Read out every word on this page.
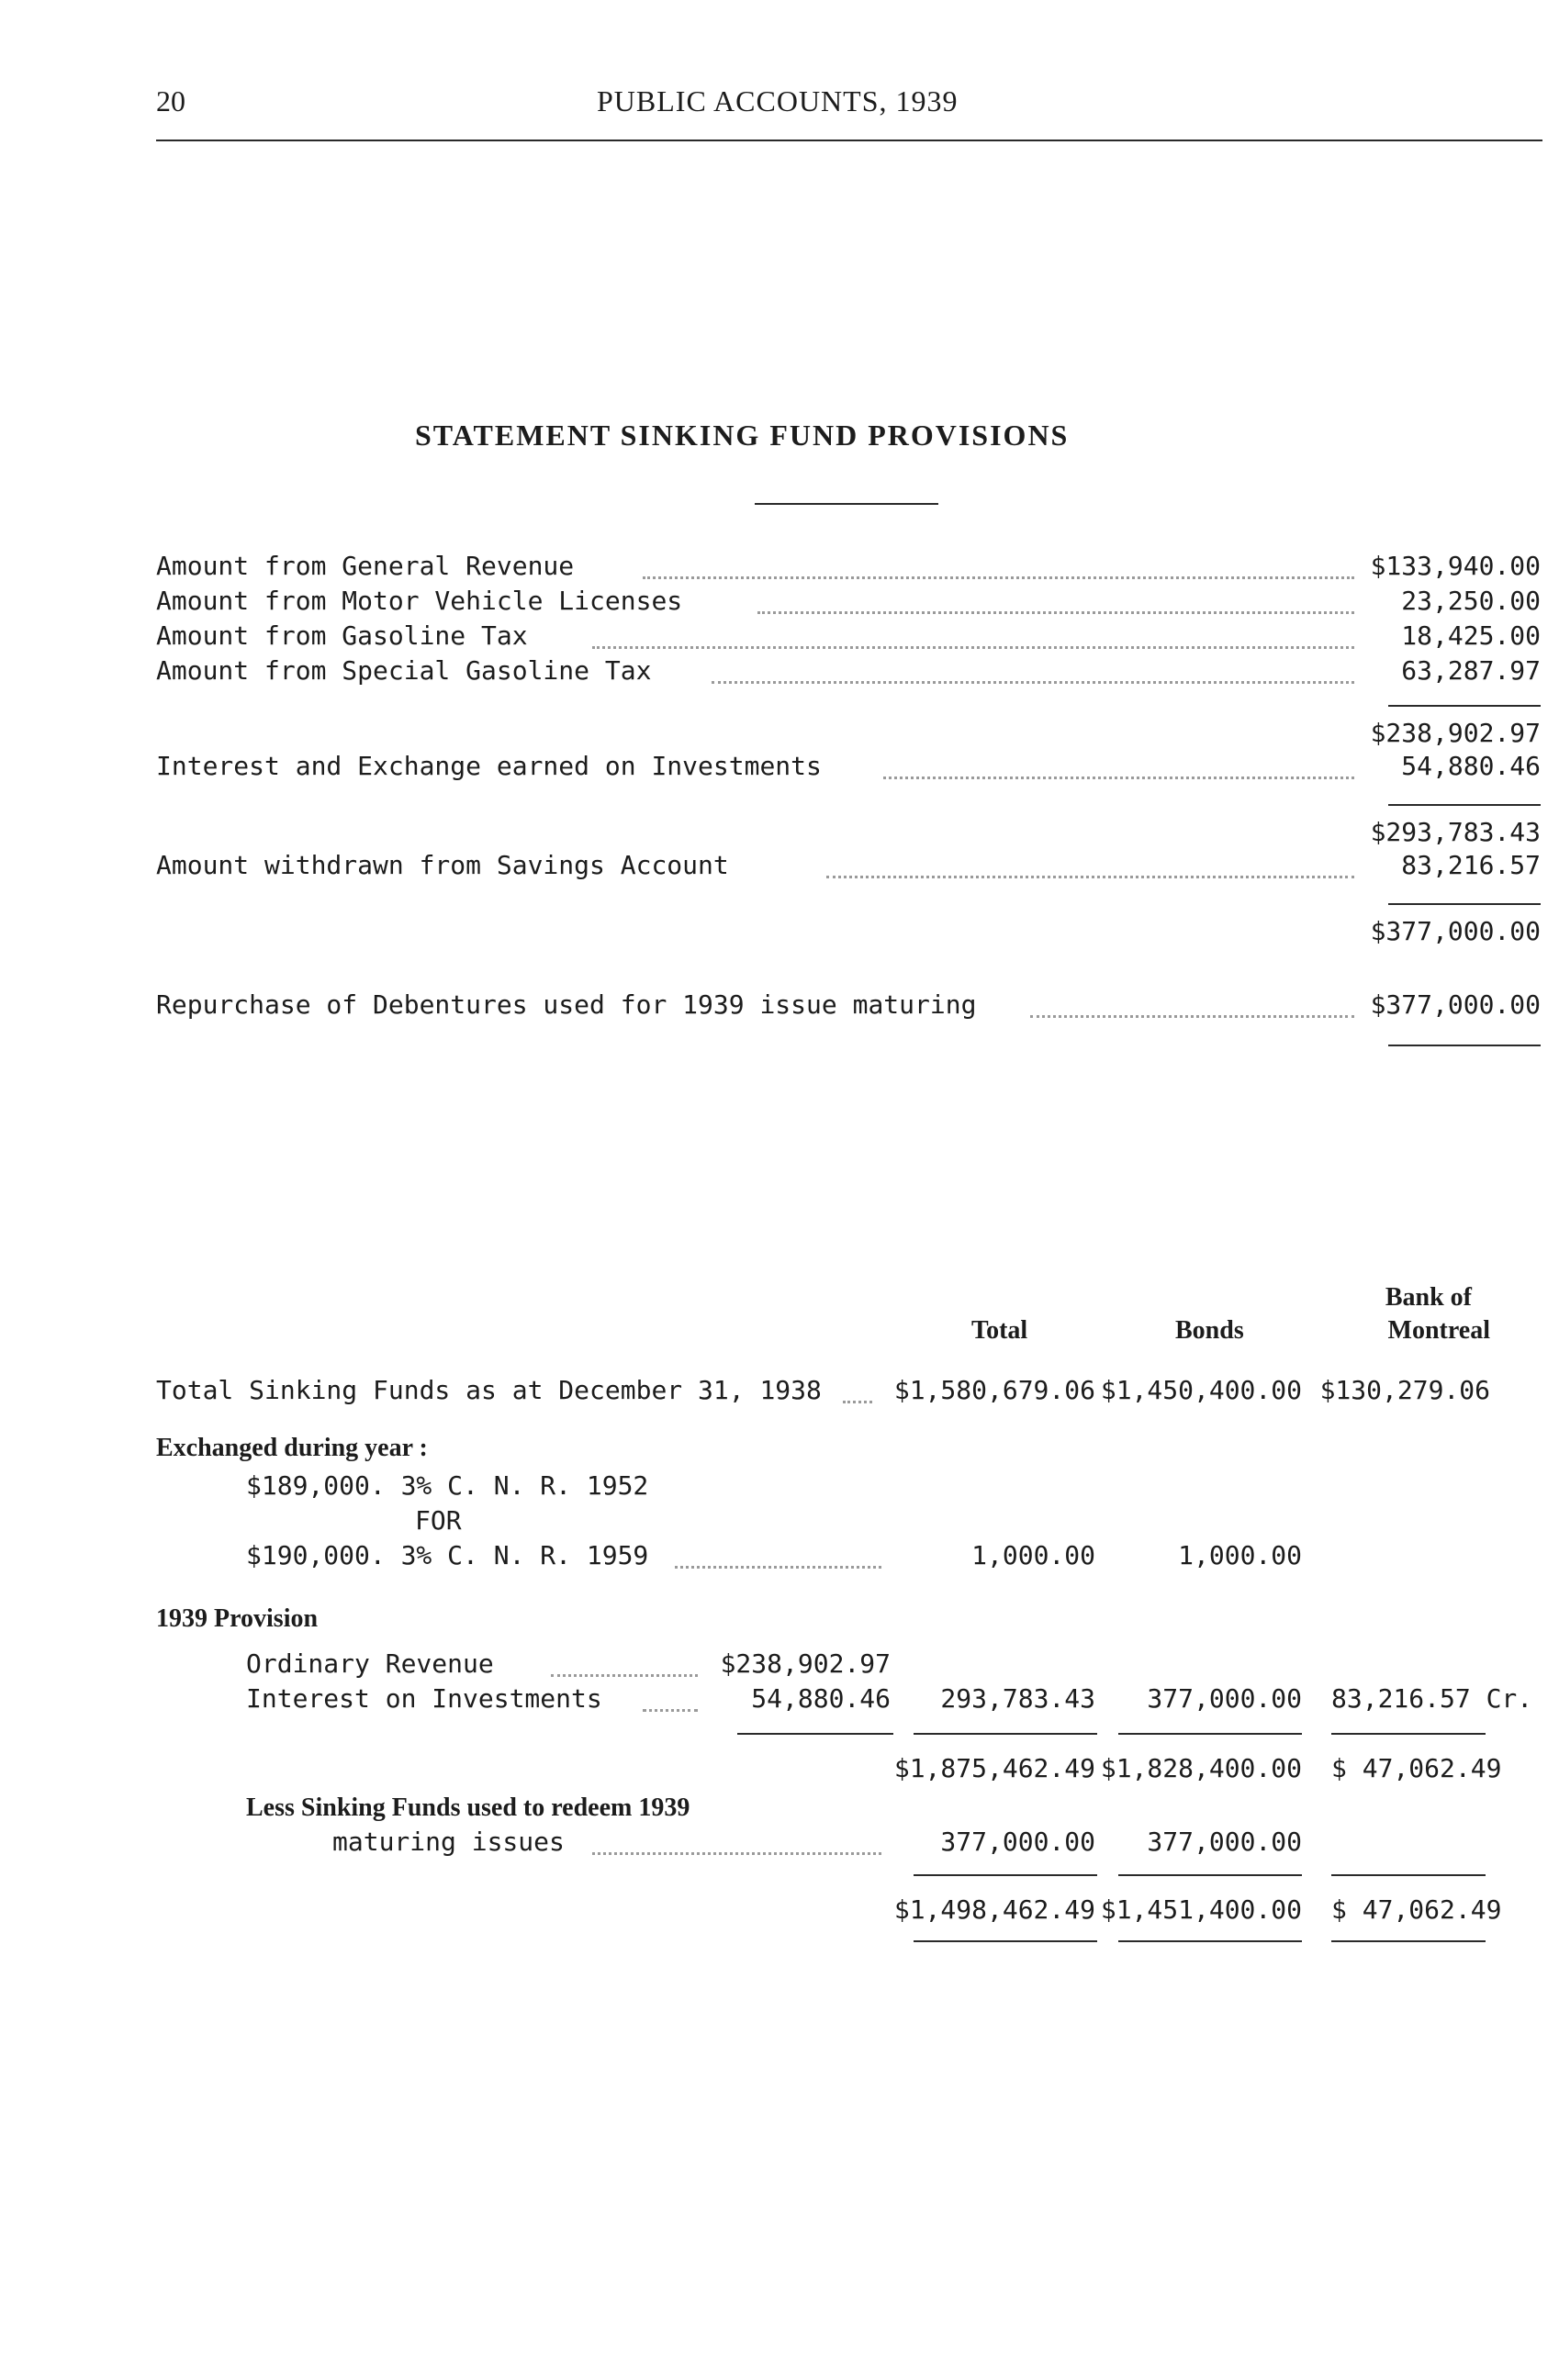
20	PUBLIC ACCOUNTS, 1939
STATEMENT SINKING FUND PROVISIONS
Amount from General Revenue	$133,940.00
Amount from Motor Vehicle Licenses	23,250.00
Amount from Gasoline Tax	18,425.00
Amount from Special Gasoline Tax	63,287.97
$238,902.97
Interest and Exchange earned on Investments	54,880.46
$293,783.43
Amount withdrawn from Savings Account	83,216.57
$377,000.00
Repurchase of Debentures used for 1939 issue maturing	$377,000.00
Bank of
Total	Bonds	Montreal
Total Sinking Funds as at December 31, 1938	$1,580,679.06 $1,450,400.00 $130,279.06
Exchanged during year :
$189,000. 3% C. N. R. 1952
FOR
$190,000. 3% C. N. R. 1959	1,000.00	1,000.00
1939 Provision
Ordinary Revenue	$238,902.97
Interest on Investments	54,880.46	293,783.43	377,000.00 83,216.57 Cr.
$1,875,462.49 $1,828,400.00 $ 47,062.49
Less Sinking Funds used to redeem 1939
maturing issues	377,000.00	377,000.00
$1,498,462.49 $1,451,400.00 $ 47,062.49
